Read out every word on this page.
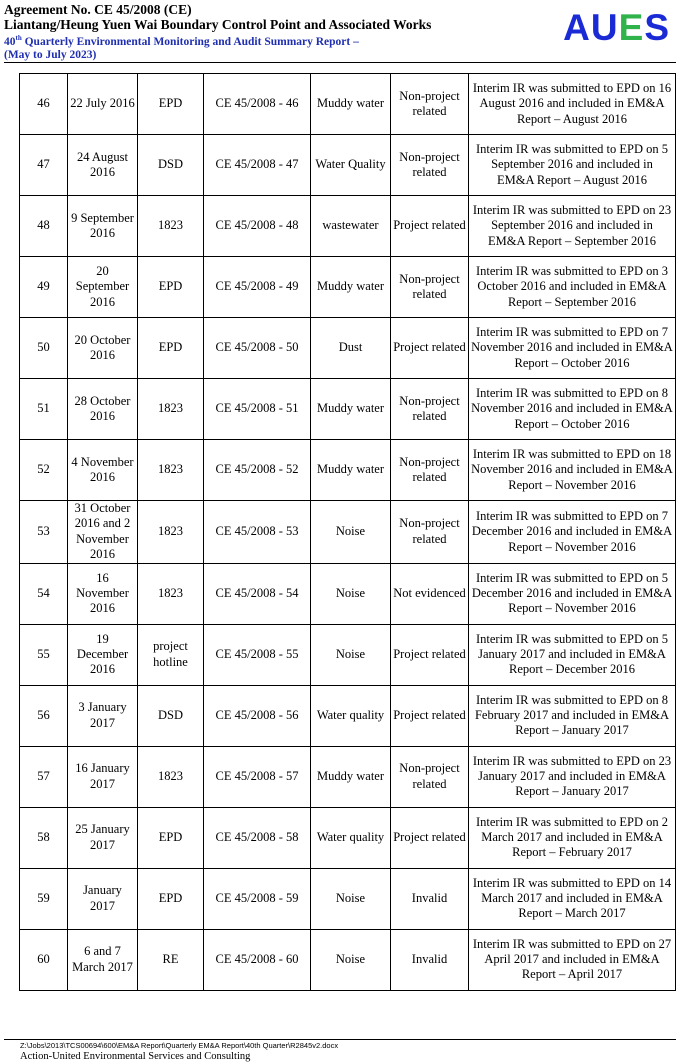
Agreement No. CE 45/2008 (CE)
Liantang/Heung Yuen Wai Boundary Control Point and Associated Works
40th Quarterly Environmental Monitoring and Audit Summary Report –
(May to July 2023)
AUES
46	22 July 2016	EPD	CE 45/2008 - 46	Muddy water	Non-project related	Interim IR was submitted to EPD on 16 August 2016 and included in EM&A Report – August 2016
47	24 August 2016	DSD	CE 45/2008 - 47	Water Quality	Non-project related	Interim IR was submitted to EPD on 5 September 2016 and included in EM&A Report – August 2016
48	9 September 2016	1823	CE 45/2008 - 48	wastewater	Project related	Interim IR was submitted to EPD on 23 September 2016 and included in EM&A Report – September 2016
49	20 September 2016	EPD	CE 45/2008 - 49	Muddy water	Non-project related	Interim IR was submitted to EPD on 3 October 2016 and included in EM&A Report – September 2016
50	20 October 2016	EPD	CE 45/2008 - 50	Dust	Project related	Interim IR was submitted to EPD on 7 November 2016 and included in EM&A Report – October 2016
51	28 October 2016	1823	CE 45/2008 - 51	Muddy water	Non-project related	Interim IR was submitted to EPD on 8 November 2016 and included in EM&A Report – October 2016
52	4 November 2016	1823	CE 45/2008 - 52	Muddy water	Non-project related	Interim IR was submitted to EPD on 18 November 2016 and included in EM&A Report – November 2016
53	31 October 2016 and 2 November 2016	1823	CE 45/2008 - 53	Noise	Non-project related	Interim IR was submitted to EPD on 7 December 2016 and included in EM&A Report – November 2016
54	16 November 2016	1823	CE 45/2008 - 54	Noise	Not evidenced	Interim IR was submitted to EPD on 5 December 2016 and included in EM&A Report – November 2016
55	19 December 2016	project hotline	CE 45/2008 - 55	Noise	Project related	Interim IR was submitted to EPD on 5 January 2017 and included in EM&A Report – December 2016
56	3 January 2017	DSD	CE 45/2008 - 56	Water quality	Project related	Interim IR was submitted to EPD on 8 February 2017 and included in EM&A Report – January 2017
57	16 January 2017	1823	CE 45/2008 - 57	Muddy water	Non-project related	Interim IR was submitted to EPD on 23 January 2017 and included in EM&A Report – January 2017
58	25 January 2017	EPD	CE 45/2008 - 58	Water quality	Project related	Interim IR was submitted to EPD on 2 March 2017 and included in EM&A Report – February 2017
59	January 2017	EPD	CE 45/2008 - 59	Noise	Invalid	Interim IR was submitted to EPD on 14 March 2017 and included in EM&A Report – March 2017
60	6 and 7 March 2017	RE	CE 45/2008 - 60	Noise	Invalid	Interim IR was submitted to EPD on 27 April 2017 and included in EM&A Report – April 2017
Z:\Jobs\2013\TCS00694\600\EM&A Report\Quarterly EM&A Report\40th Quarter\R2845v2.docx
Action-United Environmental Services and Consulting
